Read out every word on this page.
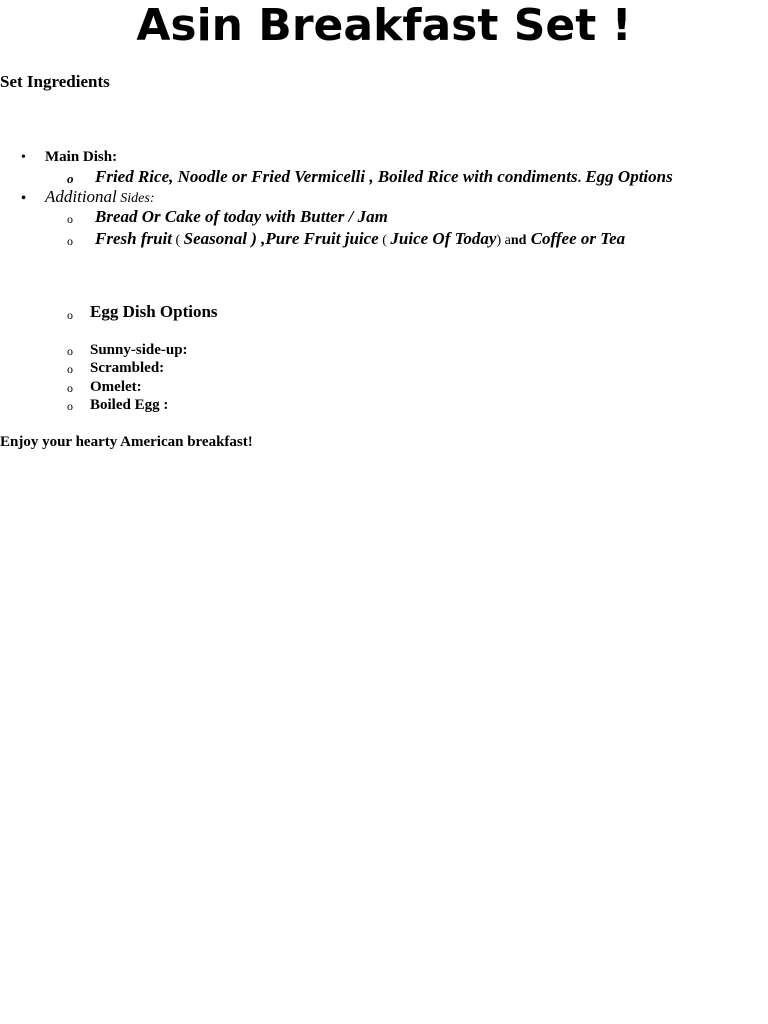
Asin Breakfast Set !

Set Ingredients

• Main Dish:
o Fried Rice, Noodle or Fried Vermicelli , Boiled Rice with condiments. Egg Options
• Additional Sides:
o Bread Or Cake of today with Butter / Jam
o Fresh fruit ( Seasonal ) ,Pure Fruit juice ( Juice Of Today) and Coffee or Tea
o Egg Dish Options
o Sunny-side-up:
o Scrambled:
o Omelet:
o Boiled Egg :

Enjoy your hearty American breakfast!
